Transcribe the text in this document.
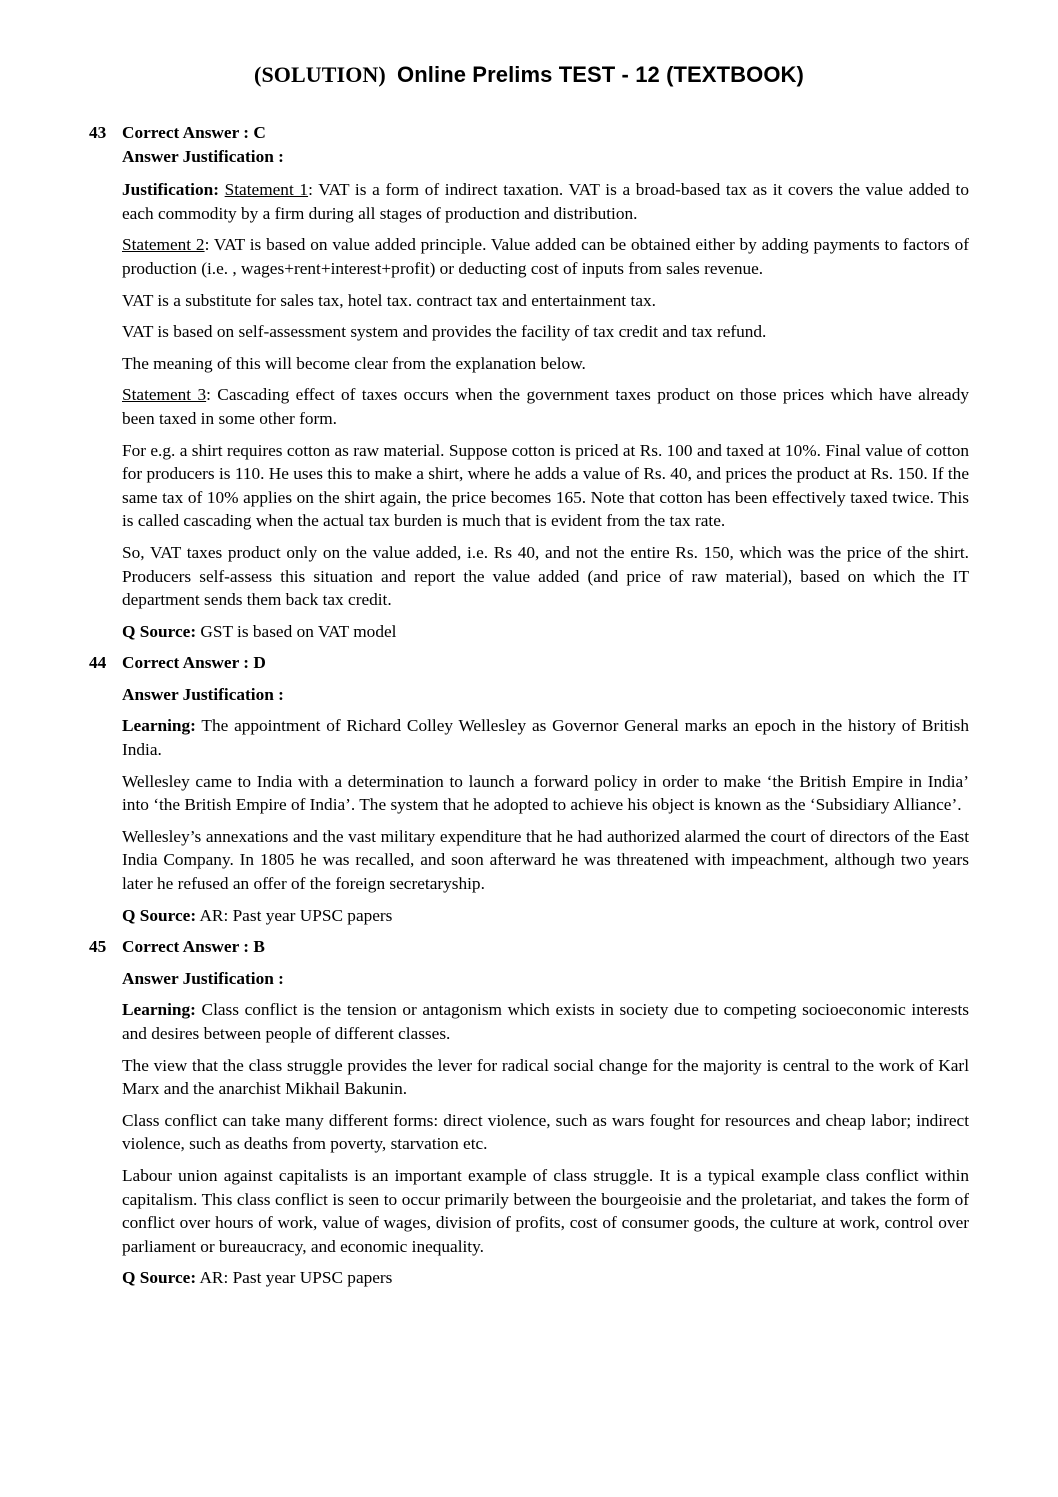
(SOLUTION) Online Prelims TEST - 12 (TEXTBOOK)
43 Correct Answer : C
Answer Justification :

Justification: Statement 1: VAT is a form of indirect taxation. VAT is a broad-based tax as it covers the value added to each commodity by a firm during all stages of production and distribution.

Statement 2: VAT is based on value added principle. Value added can be obtained either by adding payments to factors of production (i.e. , wages+rent+interest+profit) or deducting cost of inputs from sales revenue.

VAT is a substitute for sales tax, hotel tax. contract tax and entertainment tax.

VAT is based on self-assessment system and provides the facility of tax credit and tax refund.

The meaning of this will become clear from the explanation below.

Statement 3: Cascading effect of taxes occurs when the government taxes product on those prices which have already been taxed in some other form.

For e.g. a shirt requires cotton as raw material. Suppose cotton is priced at Rs. 100 and taxed at 10%. Final value of cotton for producers is 110. He uses this to make a shirt, where he adds a value of Rs. 40, and prices the product at Rs. 150. If the same tax of 10% applies on the shirt again, the price becomes 165. Note that cotton has been effectively taxed twice. This is called cascading when the actual tax burden is much that is evident from the tax rate.

So, VAT taxes product only on the value added, i.e. Rs 40, and not the entire Rs. 150, which was the price of the shirt. Producers self-assess this situation and report the value added (and price of raw material), based on which the IT department sends them back tax credit.

Q Source: GST is based on VAT model

44 Correct Answer : D
Answer Justification :

Learning: The appointment of Richard Colley Wellesley as Governor General marks an epoch in the history of British India.

Wellesley came to India with a determination to launch a forward policy in order to make ‘the British Empire in India’ into ‘the British Empire of India’. The system that he adopted to achieve his object is known as the ‘Subsidiary Alliance’.

Wellesley’s annexations and the vast military expenditure that he had authorized alarmed the court of directors of the East India Company. In 1805 he was recalled, and soon afterward he was threatened with impeachment, although two years later he refused an offer of the foreign secretaryship.

Q Source: AR: Past year UPSC papers

45 Correct Answer : B
Answer Justification :

Learning: Class conflict is the tension or antagonism which exists in society due to competing socioeconomic interests and desires between people of different classes.

The view that the class struggle provides the lever for radical social change for the majority is central to the work of Karl Marx and the anarchist Mikhail Bakunin.

Class conflict can take many different forms: direct violence, such as wars fought for resources and cheap labor; indirect violence, such as deaths from poverty, starvation etc.

Labour union against capitalists is an important example of class struggle. It is a typical example class conflict within capitalism. This class conflict is seen to occur primarily between the bourgeoisie and the proletariat, and takes the form of conflict over hours of work, value of wages, division of profits, cost of consumer goods, the culture at work, control over parliament or bureaucracy, and economic inequality.

Q Source: AR: Past year UPSC papers
